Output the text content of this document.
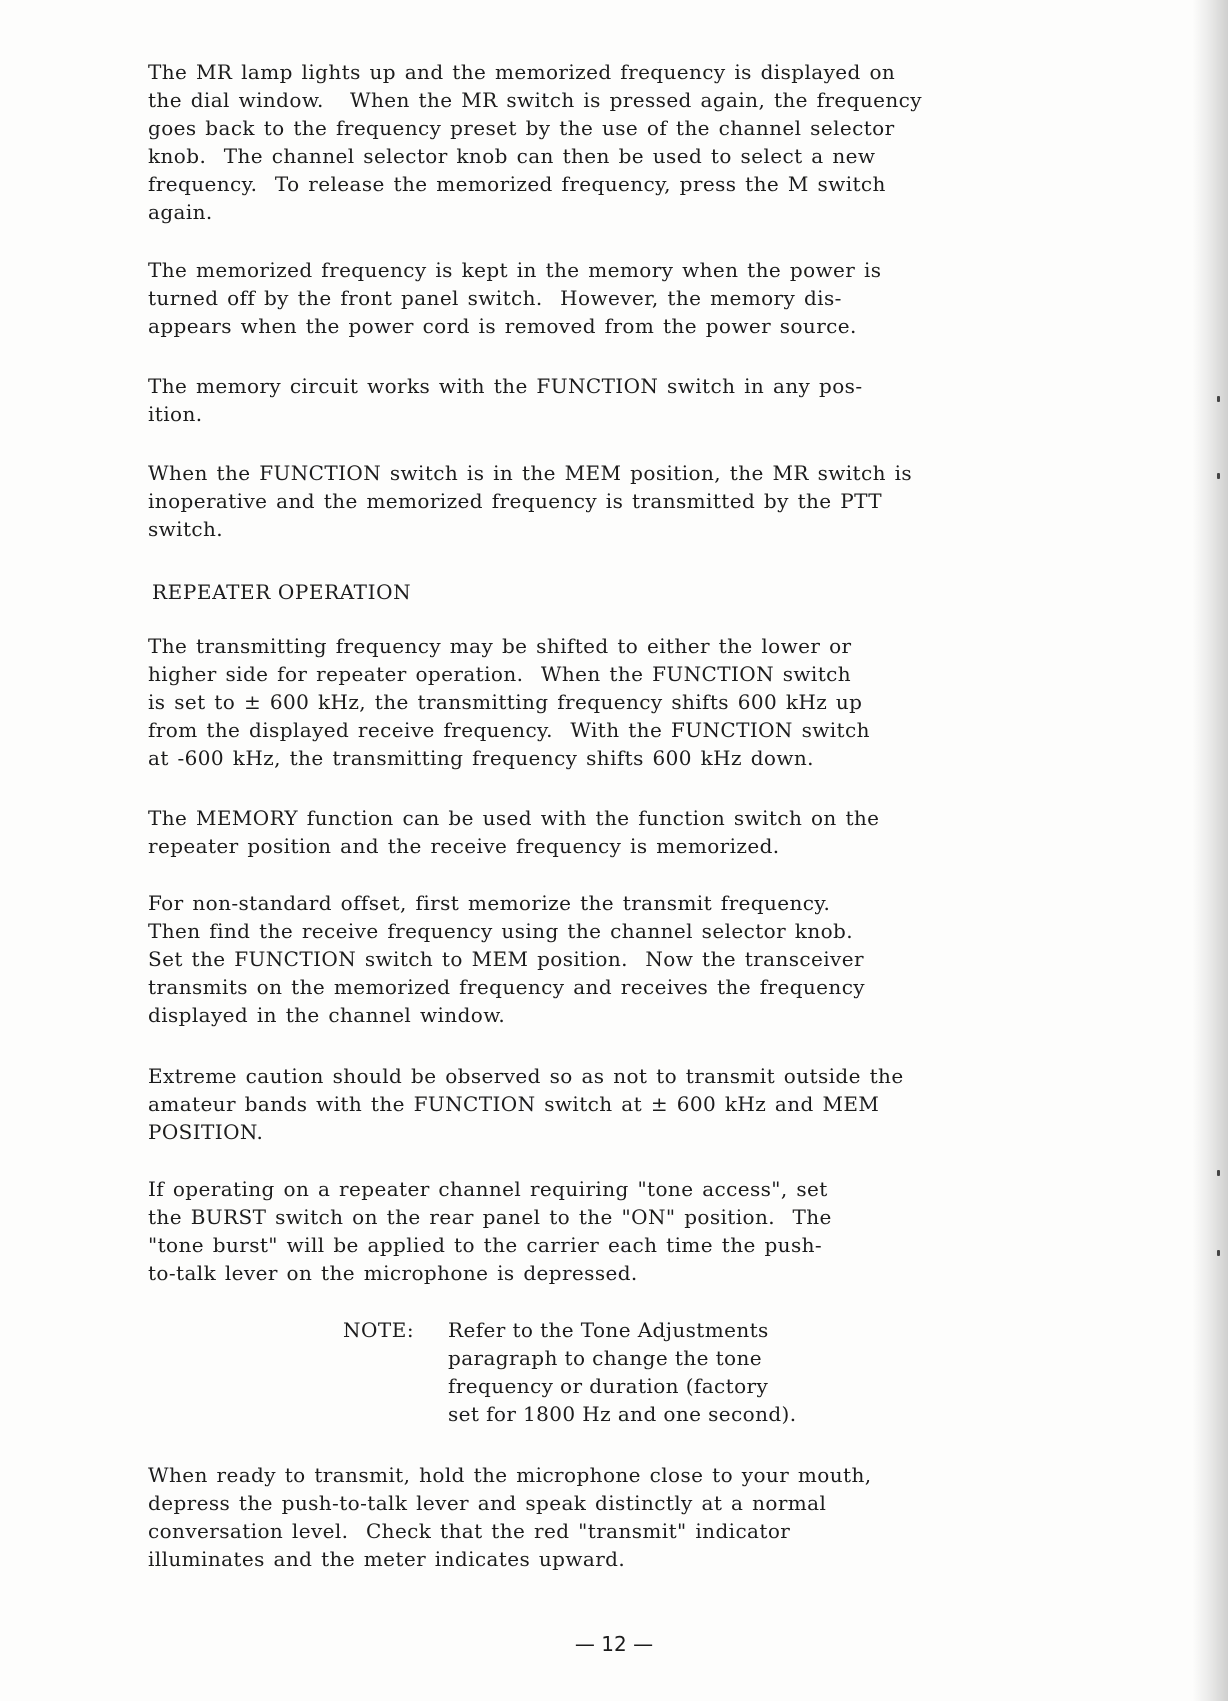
The MR lamp lights up and the memorized frequency is displayed on
the dial window.   When the MR switch is pressed again, the frequency
goes back to the frequency preset by the use of the channel selector
knob.  The channel selector knob can then be used to select a new
frequency.  To release the memorized frequency, press the M switch
again.

The memorized frequency is kept in the memory when the power is
turned off by the front panel switch.  However, the memory dis-
appears when the power cord is removed from the power source.

The memory circuit works with the FUNCTION switch in any pos-
ition.

When the FUNCTION switch is in the MEM position, the MR switch is
inoperative and the memorized frequency is transmitted by the PTT
switch.

REPEATER OPERATION

The transmitting frequency may be shifted to either the lower or
higher side for repeater operation.  When the FUNCTION switch
is set to ± 600 kHz, the transmitting frequency shifts 600 kHz up
from the displayed receive frequency.  With the FUNCTION switch
at -600 kHz, the transmitting frequency shifts 600 kHz down.

The MEMORY function can be used with the function switch on the
repeater position and the receive frequency is memorized.

For non-standard offset, first memorize the transmit frequency.
Then find the receive frequency using the channel selector knob.
Set the FUNCTION switch to MEM position.  Now the transceiver
transmits on the memorized frequency and receives the frequency
displayed in the channel window.

Extreme caution should be observed so as not to transmit outside the
amateur bands with the FUNCTION switch at ± 600 kHz and MEM
POSITION.

If operating on a repeater channel requiring "tone access", set
the BURST switch on the rear panel to the "ON" position.  The
"tone burst" will be applied to the carrier each time the push-
to-talk lever on the microphone is depressed.

NOTE: Refer to the Tone Adjustments
paragraph to change the tone
frequency or duration (factory
set for 1800 Hz and one second).

When ready to transmit, hold the microphone close to your mouth,
depress the push-to-talk lever and speak distinctly at a normal
conversation level.  Check that the red "transmit" indicator
illuminates and the meter indicates upward.

— 12 —
